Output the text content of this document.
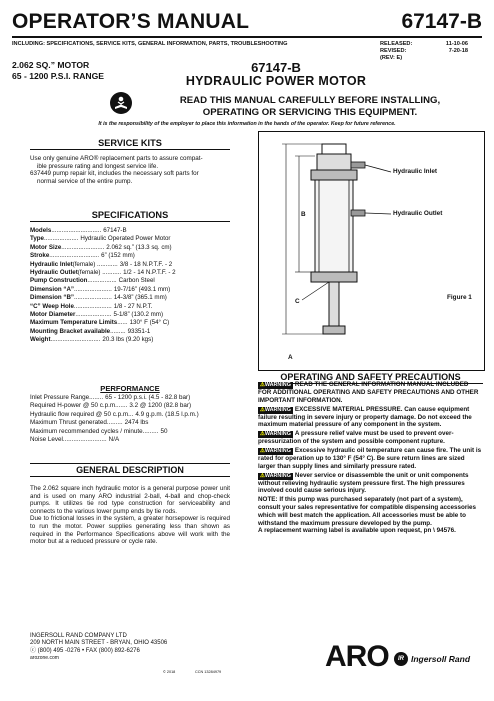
OPERATOR’S MANUAL	67147-B
INCLUDING: SPECIFICATIONS, SERVICE KITS, GENERAL INFORMATION, PARTS, TROUBLESHOOTING	RELEASED:	11-10-06
REVISED:	7-20-18
(REV: E)
2.062 SQ.” MOTOR
65 - 1200 P.S.I. RANGE
67147-B
HYDRAULIC POWER MOTOR
READ THIS MANUAL CAREFULLY BEFORE INSTALLING,
OPERATING OR SERVICING THIS EQUIPMENT.
It is the responsibility of the employer to place this information in the hands of the operator. Keep for future reference.
SERVICE KITS
Use only genuine ARO® replacement parts to assure compat-
ible pressure rating and longest service life.
637449 pump repair kit, includes the necessary soft parts for
normal service of the entire pump.
SPECIFICATIONS
Models ............................. 67147-B
Type .................... Hydraulic Operated Power Motor
Motor Size ......................... 2.062 sq.” (13.3 sq. cm)
Stroke ............................. 6” (152 mm)
Hydraulic Inlet (female) ............ 3/8 - 18 N.P.T.F. - 2
Hydraulic Outlet (female) ........... 1/2 - 14 N.P.T.F. - 2
Pump Construction ................. Carbon Steel
Dimension “A” ...................... 19-7/16” (493.1 mm)
Dimension “B” ...................... 14-3/8” (365.1 mm)
“C” Weep Hole ...................... 1/8 - 27 N.P.T.
Motor Diameter ..................... 5-1/8” (130.2 mm)
Maximum Temperature Limits ...... 130° F (54° C)
Mounting Bracket available ......... 93351-1
Weight ............................. 20.3 lbs (9.20 kgs)
PERFORMANCE
Inlet Pressure Range ........ 65 - 1200 p.s.i. (4.5 - 82.8 bar)
Required H-power @ 50 c.p.m. ...... 3.2 @ 1200 (82.8 bar)
Hydraulic flow required @ 50 c.p.m. .. 4.9 g.p.m. (18.5 l.p.m.)
Maximum Thrust generated ......... 2474 lbs
Maximum recommended cycles / minute ......... 50
Noise Level ......................... N/A
GENERAL DESCRIPTION
The 2.062 square inch hydraulic motor is a general purpose power unit and is used on many ARO industrial 2-ball, 4-ball and chop-check pumps. It utilizes tie rod type construction for serviceability and connects to the various lower pump ends by tie rods.
Due to frictional losses in the system, a greater horsepower is required to run the motor. Power supplies generating less than shown as required in the Performance Specifications above will work with the motor but at a reduced pressure or cycle rate.
Hydraulic Inlet
Hydraulic Outlet
B
C
A
Figure 1
OPERATING AND SAFETY PRECAUTIONS
⚠WARNING READ THE GENERAL INFORMATION MANUAL INCLUDED FOR ADDITIONAL OPERATING AND SAFETY PRECAUTIONS AND OTHER IMPORTANT INFORMATION.
⚠WARNING EXCESSIVE MATERIAL PRESSURE. Can cause equipment failure resulting in severe injury or property damage. Do not exceed the maximum material pressure of any component in the system.
⚠WARNING A pressure relief valve must be used to prevent over-pressurization of the system and possible component rupture.
⚠WARNING Excessive hydraulic oil temperature can cause fire. The unit is rated for operation up to 130° F (54° C). Be sure return lines are sized larger than supply lines and similarly pressure rated.
⚠WARNING Never service or disassemble the unit or unit components without relieving hydraulic system pressure first. The high pressures involved could cause serious injury.
NOTE: If this pump was purchased separately (not part of a system), consult your sales representative for compatible dispensing accessories which will best match the application. All accessories must be able to withstand the maximum pressure developed by the pump.
A replacement warning label is available upon request, pn \ 94576.
INGERSOLL RAND COMPANY LTD
209 NORTH MAIN STREET - BRYAN, OHIO 43506
ⓒ (800) 495 -0276 • FAX (800) 892-6276
arozone.com
© 2018	CCN 13284979	ARO	IR Ingersoll Rand
